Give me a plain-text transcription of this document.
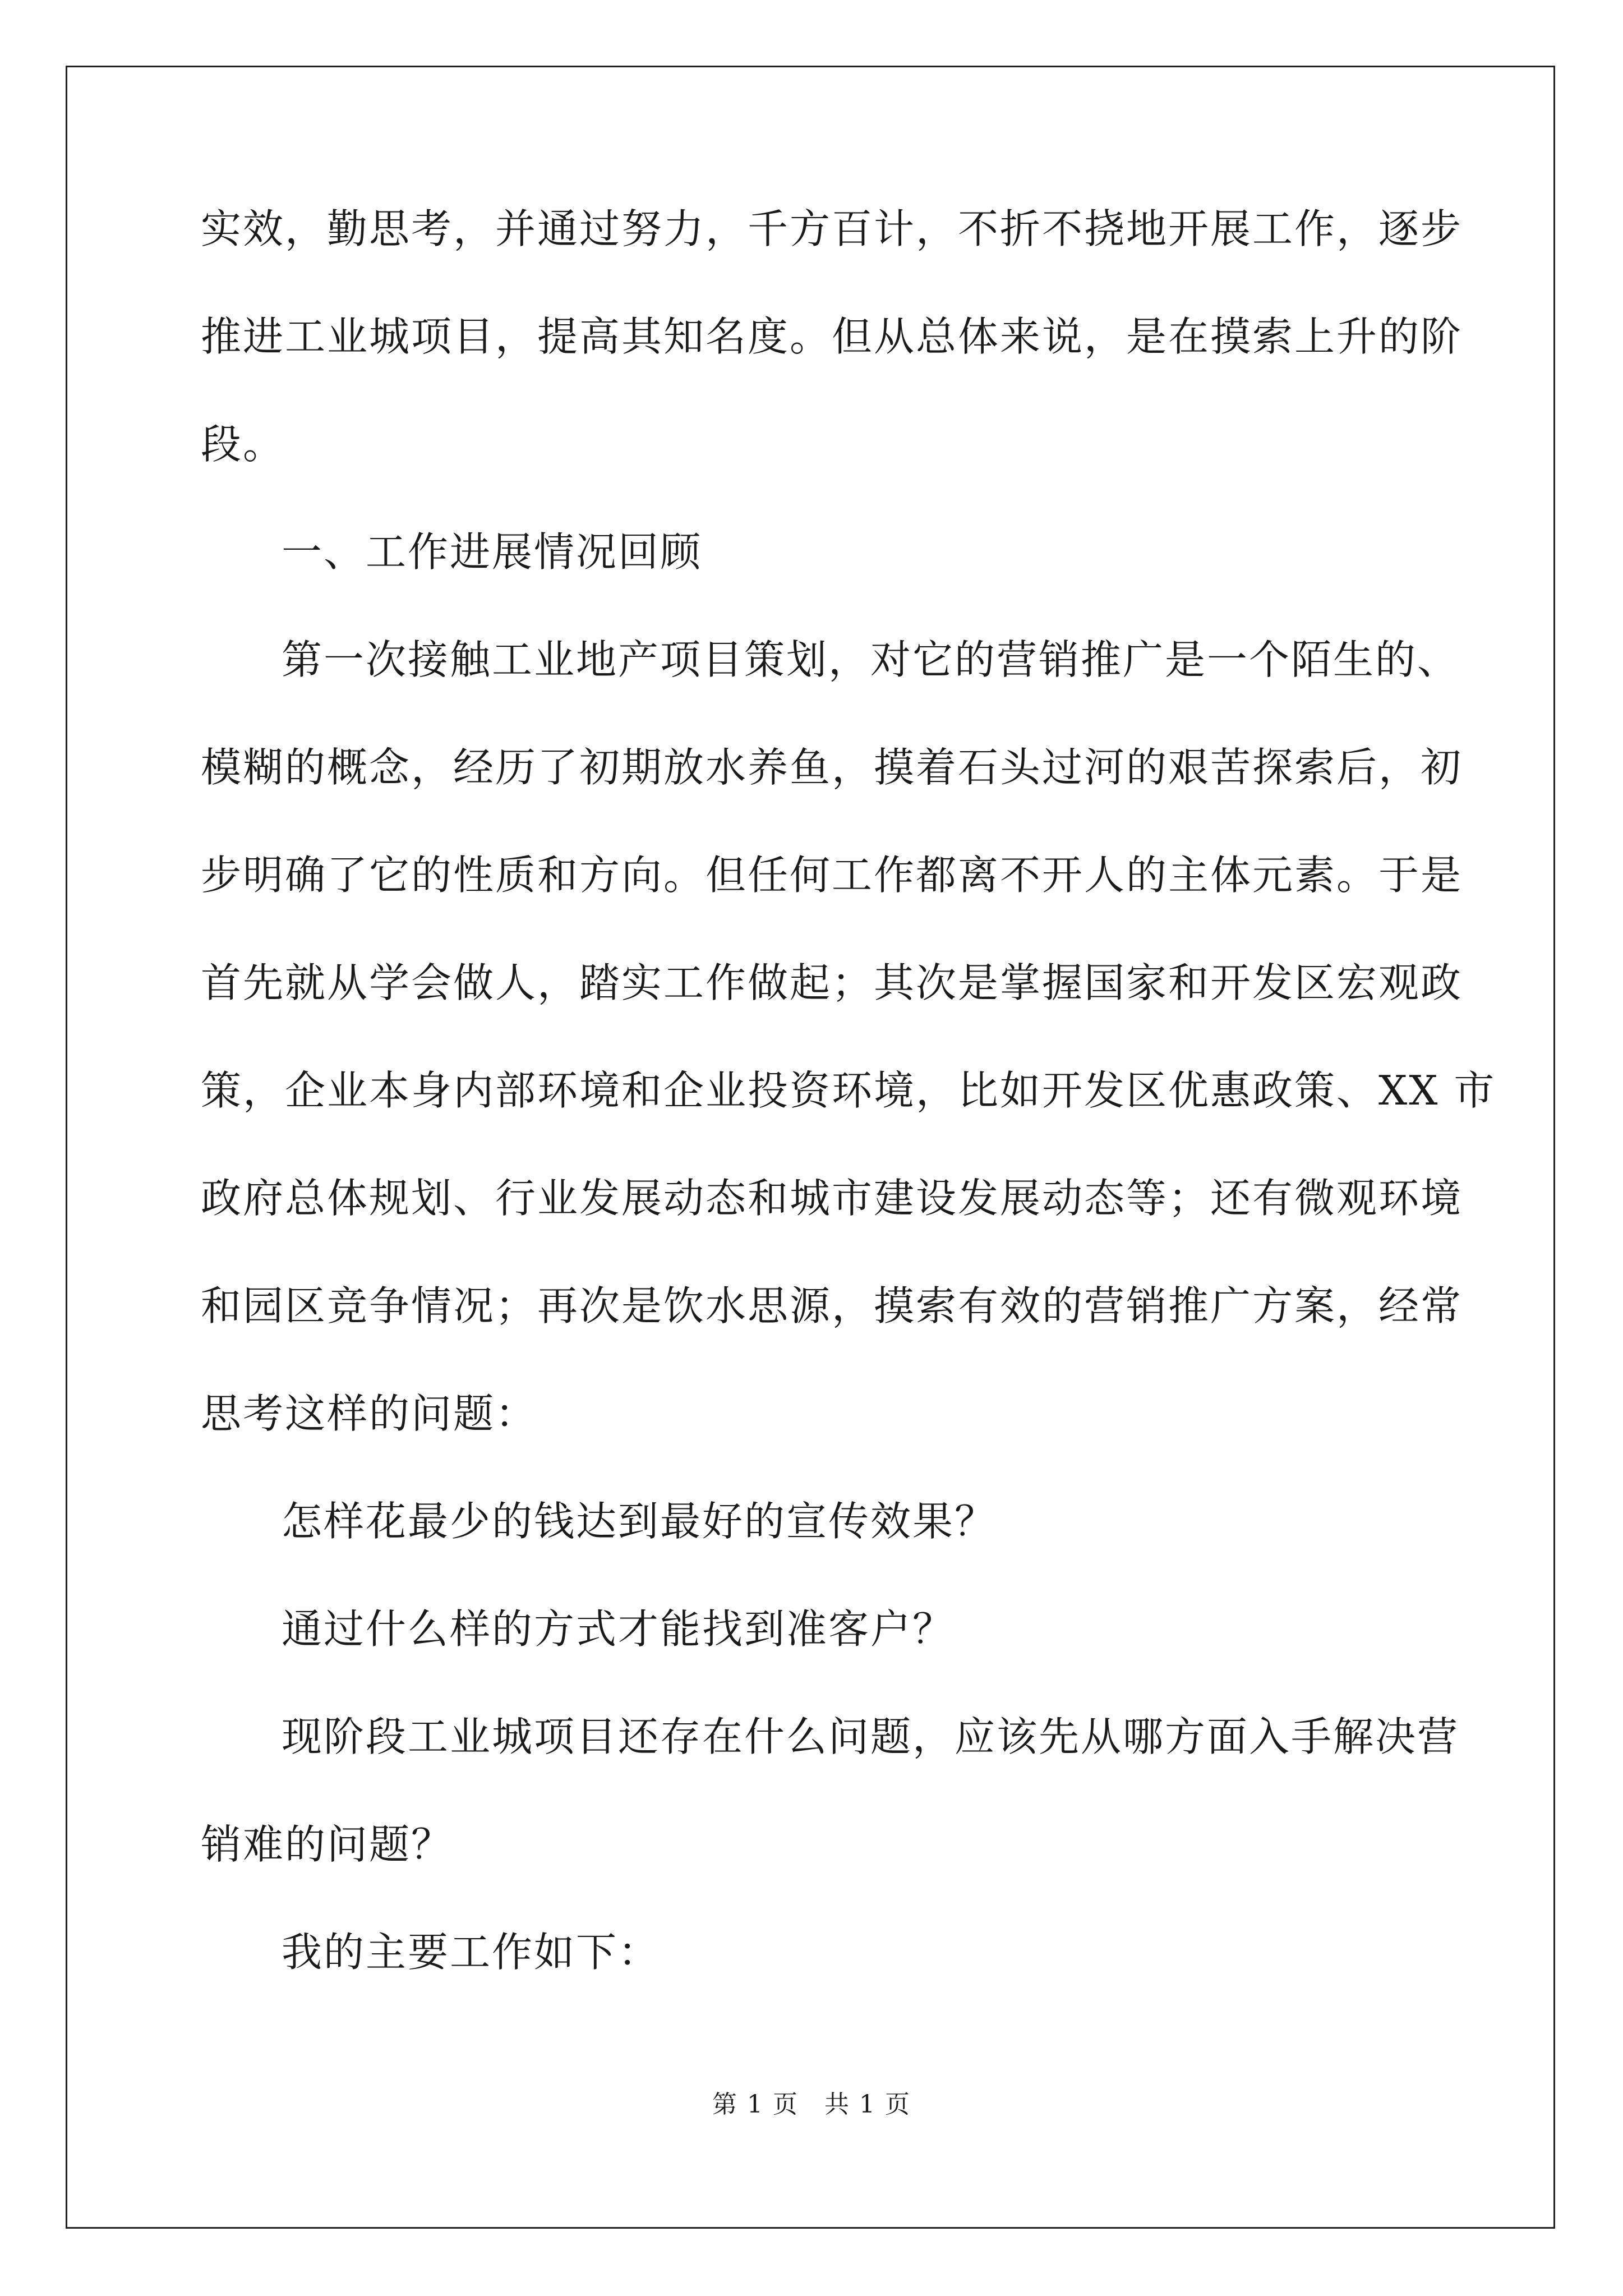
实效，勤思考，并通过努力，千方百计，不折不挠地开展工作，逐步
推进工业城项目，提高其知名度。但从总体来说，是在摸索上升的阶
段。
一、工作进展情况回顾
第一次接触工业地产项目策划，对它的营销推广是一个陌生的、
模糊的概念，经历了初期放水养鱼，摸着石头过河的艰苦探索后，初
步明确了它的性质和方向。但任何工作都离不开人的主体元素。于是
首先就从学会做人，踏实工作做起；其次是掌握国家和开发区宏观政
策，企业本身内部环境和企业投资环境，比如开发区优惠政策、XX 市
政府总体规划、行业发展动态和城市建设发展动态等；还有微观环境
和园区竞争情况；再次是饮水思源，摸索有效的营销推广方案，经常
思考这样的问题：
怎样花最少的钱达到最好的宣传效果？
通过什么样的方式才能找到准客户？
现阶段工业城项目还存在什么问题，应该先从哪方面入手解决营
销难的问题？
我的主要工作如下：
第 1 页　共 1 页
